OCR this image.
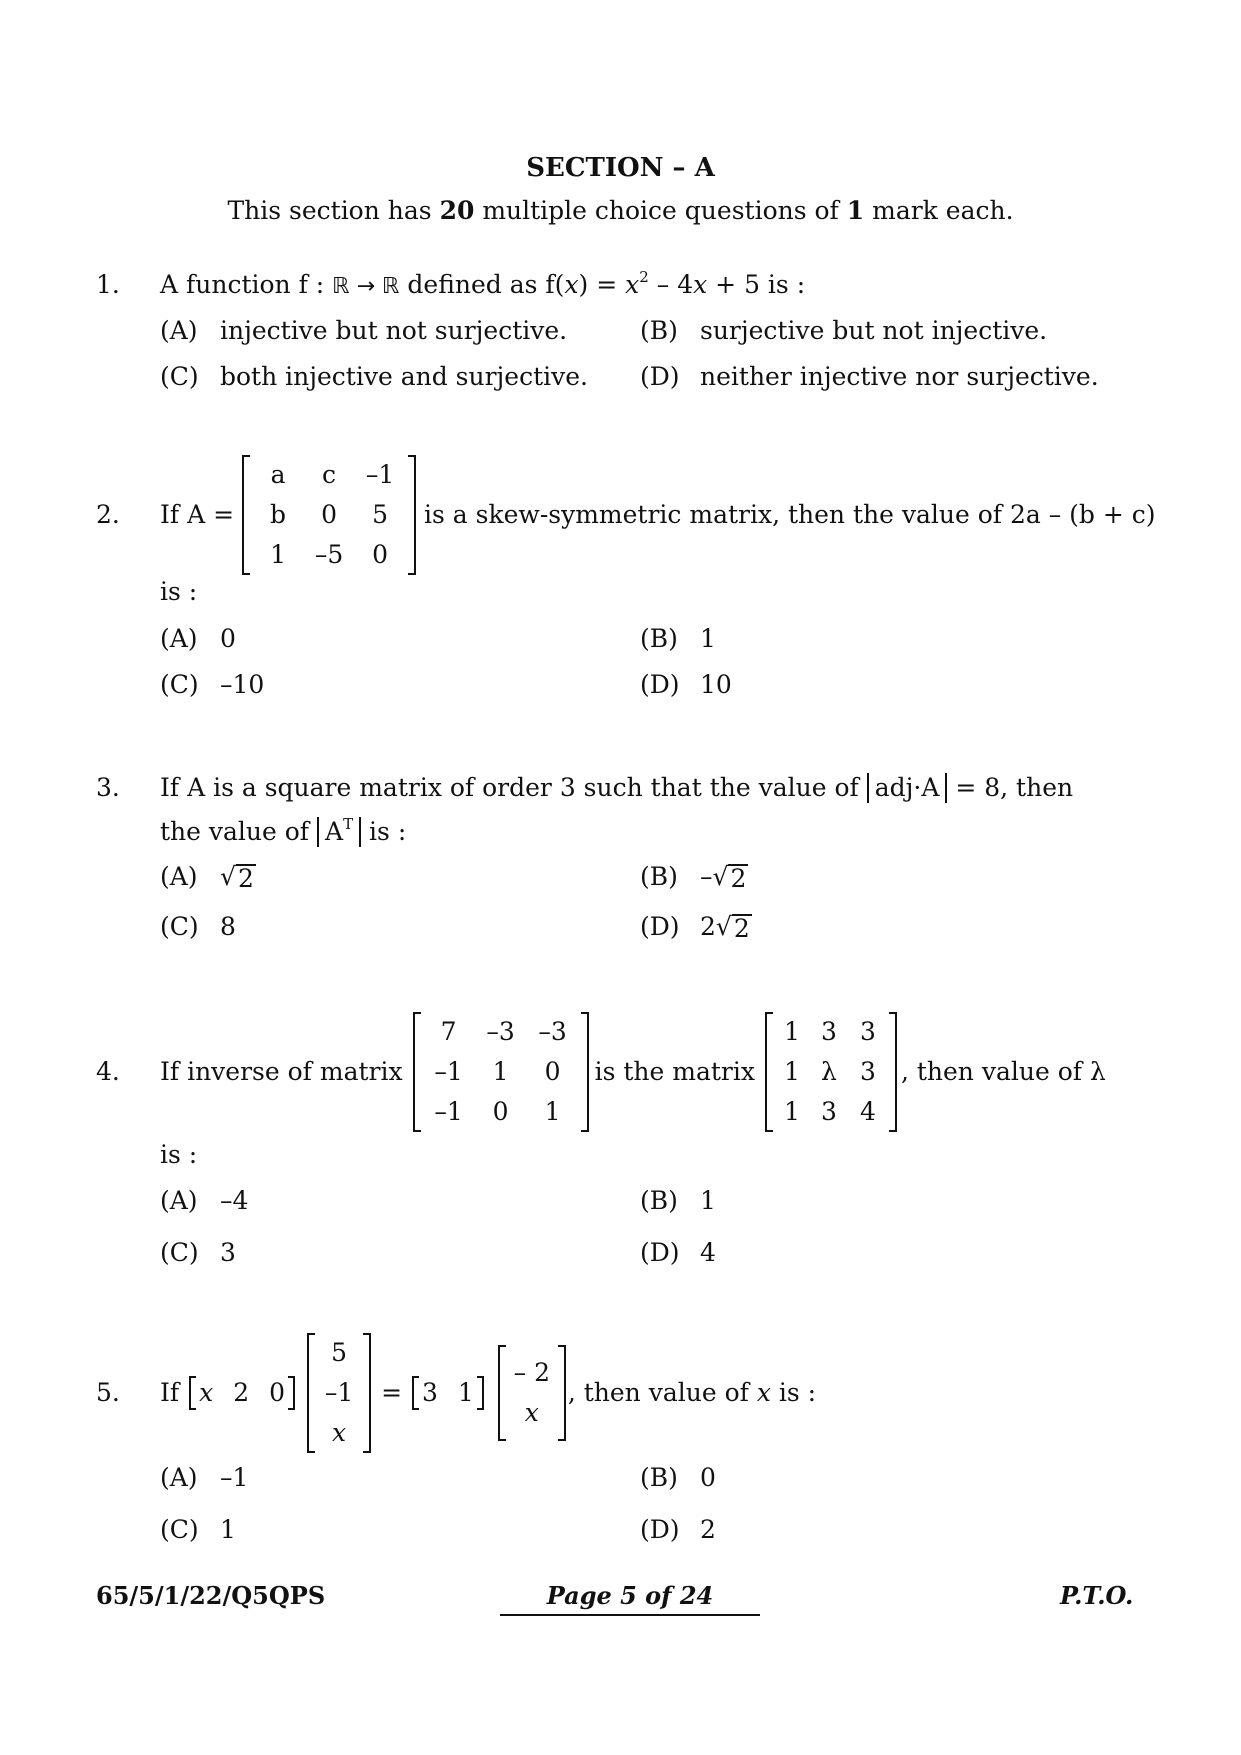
SECTION – A
This section has 20 multiple choice questions of 1 mark each.
1. A function f : ℝ → ℝ defined as $f(x) = x^2 - 4x + 5$ is :
(A) injective but not surjective.	(B) surjective but not injective.
(C) both injective and surjective. (D) neither injective nor surjective.
2. If A =
a	c	–1
b	0	5
1	–5	0
is a skew-symmetric matrix, then the value of 2a – (b + c)
is :
(A) 0	(B) 1
(C) –10	(D) 10
3. If A is a square matrix of order 3 such that the value of adj·A = 8, then
the value of $A^T$ is :
(A) √ 2	(B) – √ 2
(C) 8	(D) 2 √ 2
4. If inverse of matrix
7	–3 –3
–1	1	0
–1	0	1
is the matrix
1 3 3
1 λ 3
1 3 4
, then value of λ
is :
(A) –4	(B) 1
(C) 3	(D) 4
5. If x 2 0
5
–1
x
= 3 1
– 2
x
, then value of
x
is :
(A) –1	(B) 0
(C) 1	(D) 2
65/5/1/22/Q5QPS	Page 5 of 24	P.T.O.
